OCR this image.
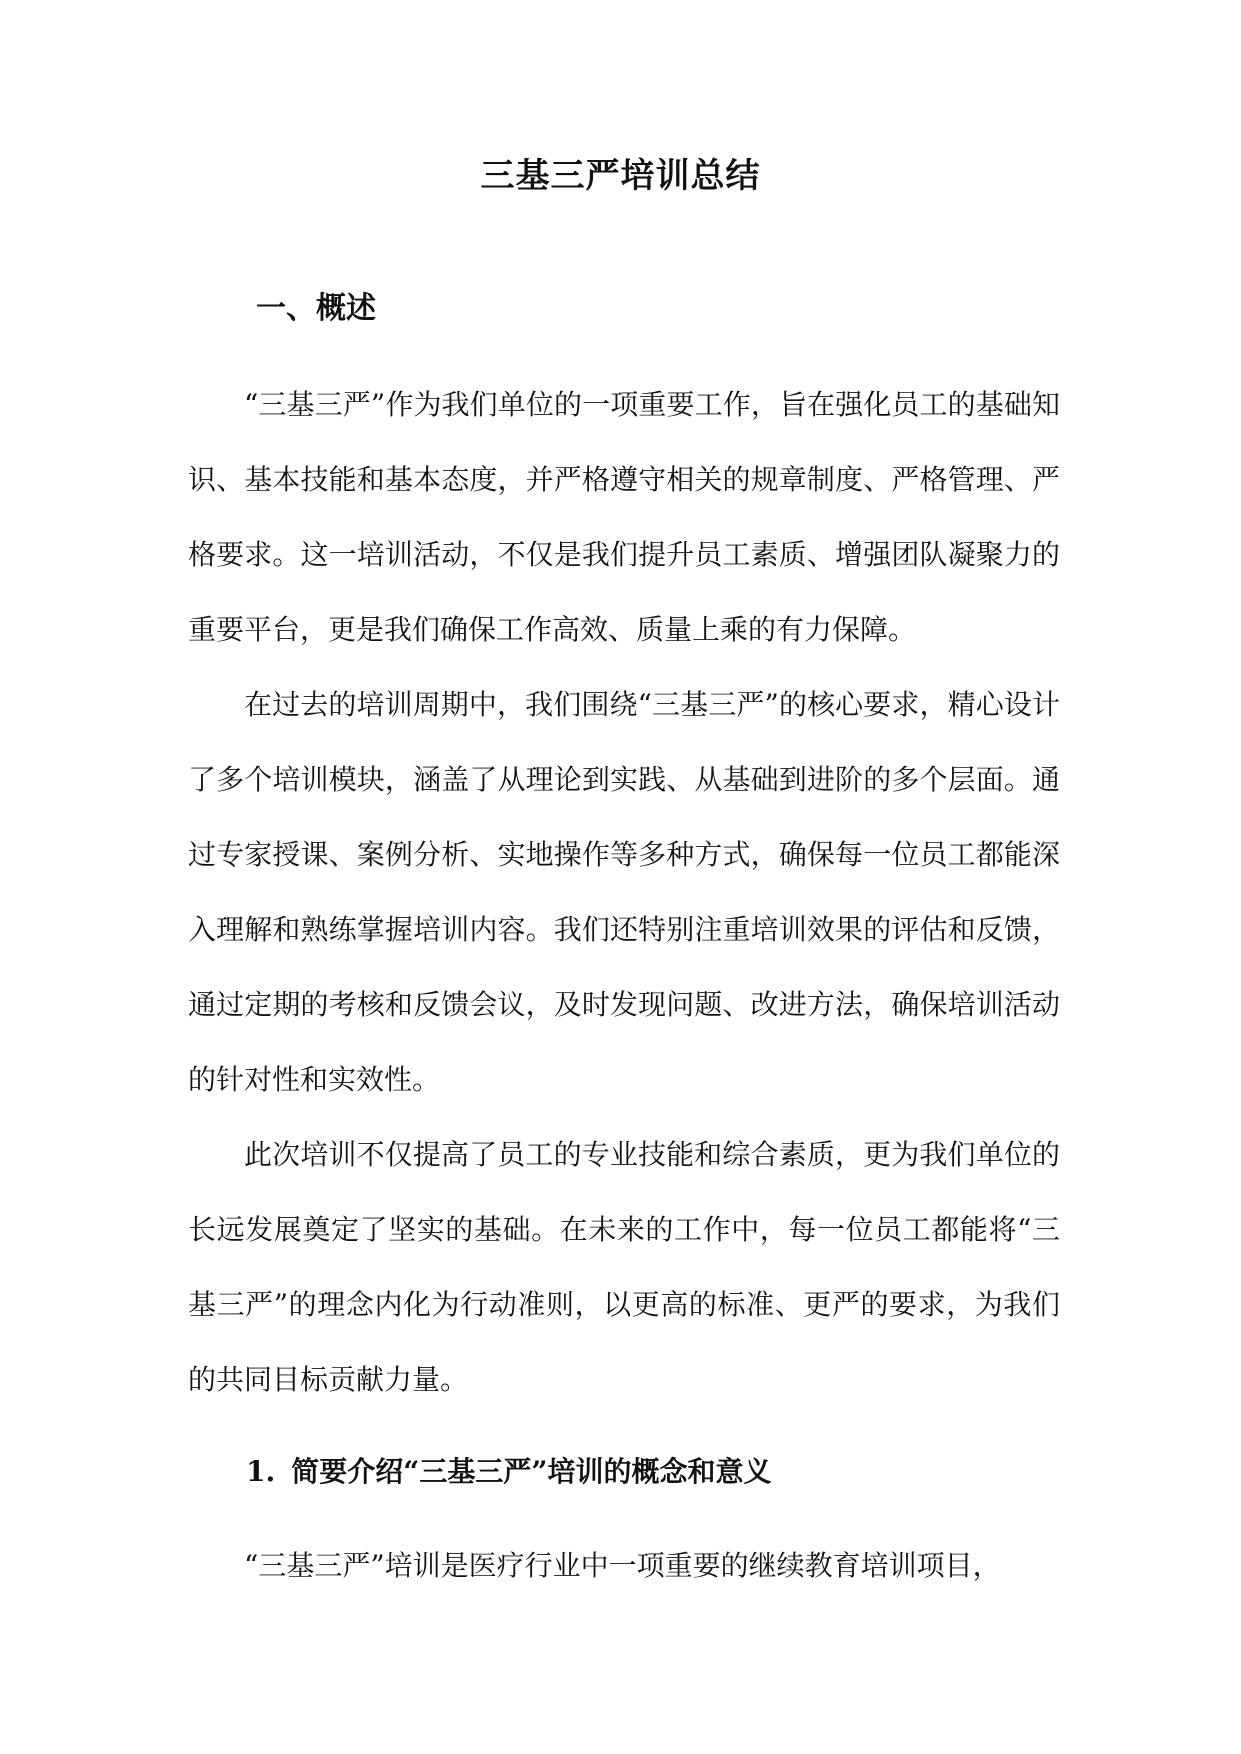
三基三严培训总结
一、概述

“三基三严”作为我们单位的一项重要工作，旨在强化员工的基础知识、基本技能和基本态度，并严格遵守相关的规章制度、严格管理、严格要求。这一培训活动，不仅是我们提升员工素质、增强团队凝聚力的重要平台，更是我们确保工作高效、质量上乘的有力保障。

在过去的培训周期中，我们围绕“三基三严”的核心要求，精心设计了多个培训模块，涵盖了从理论到实践、从基础到进阶的多个层面。通过专家授课、案例分析、实地操作等多种方式，确保每一位员工都能深入理解和熟练掌握培训内容。我们还特别注重培训效果的评估和反馈，通过定期的考核和反馈会议，及时发现问题、改进方法，确保培训活动的针对性和实效性。

此次培训不仅提高了员工的专业技能和综合素质，更为我们单位的长远发展奠定了坚实的基础。在未来的工作中，每一位员工都能将“三基三严”的理念内化为行动准则，以更高的标准、更严的要求，为我们的共同目标贡献力量。

1. 简要介绍“三基三严”培训的概念和意义

“三基三严”培训是医疗行业中一项重要的继续教育培训项目，
